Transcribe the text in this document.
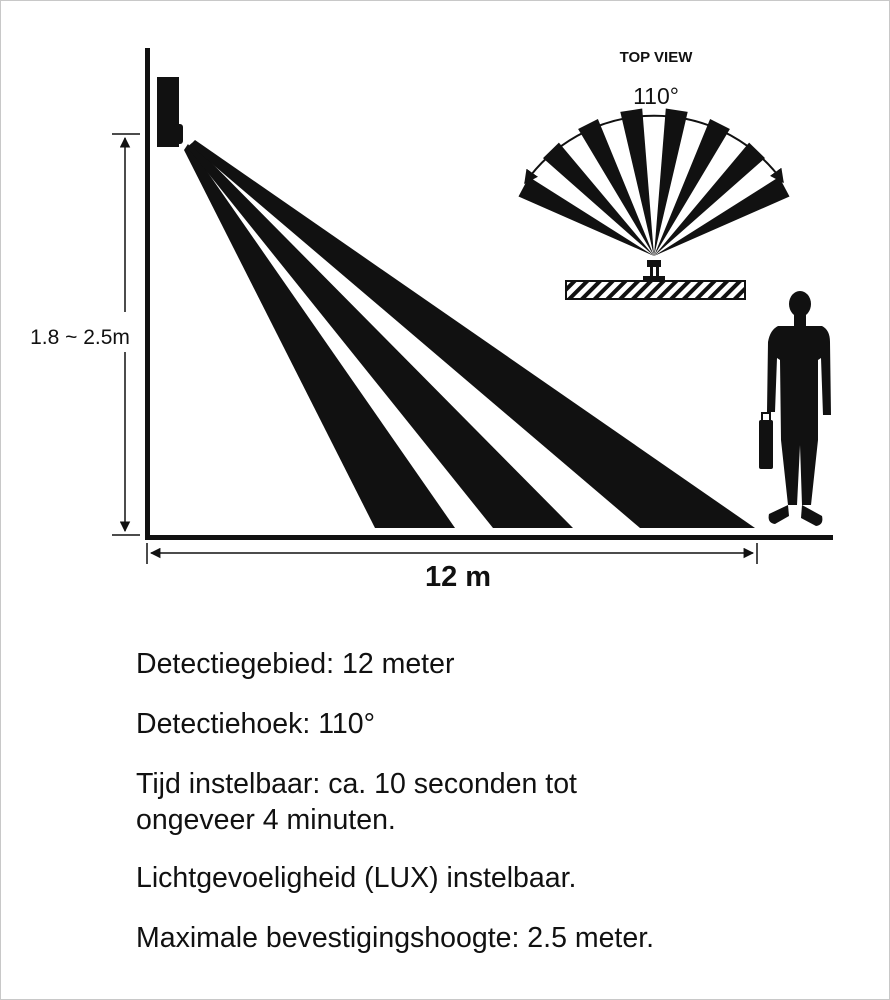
1.8 ~ 2.5m
12 m
TOP VIEW
110°

Detectiegebied: 12 meter

Detectiehoek: 110°

Tijd instelbaar: ca. 10 seconden tot
ongeveer 4 minuten.

Lichtgevoeligheid (LUX) instelbaar.

Maximale bevestigingshoogte: 2.5 meter.
